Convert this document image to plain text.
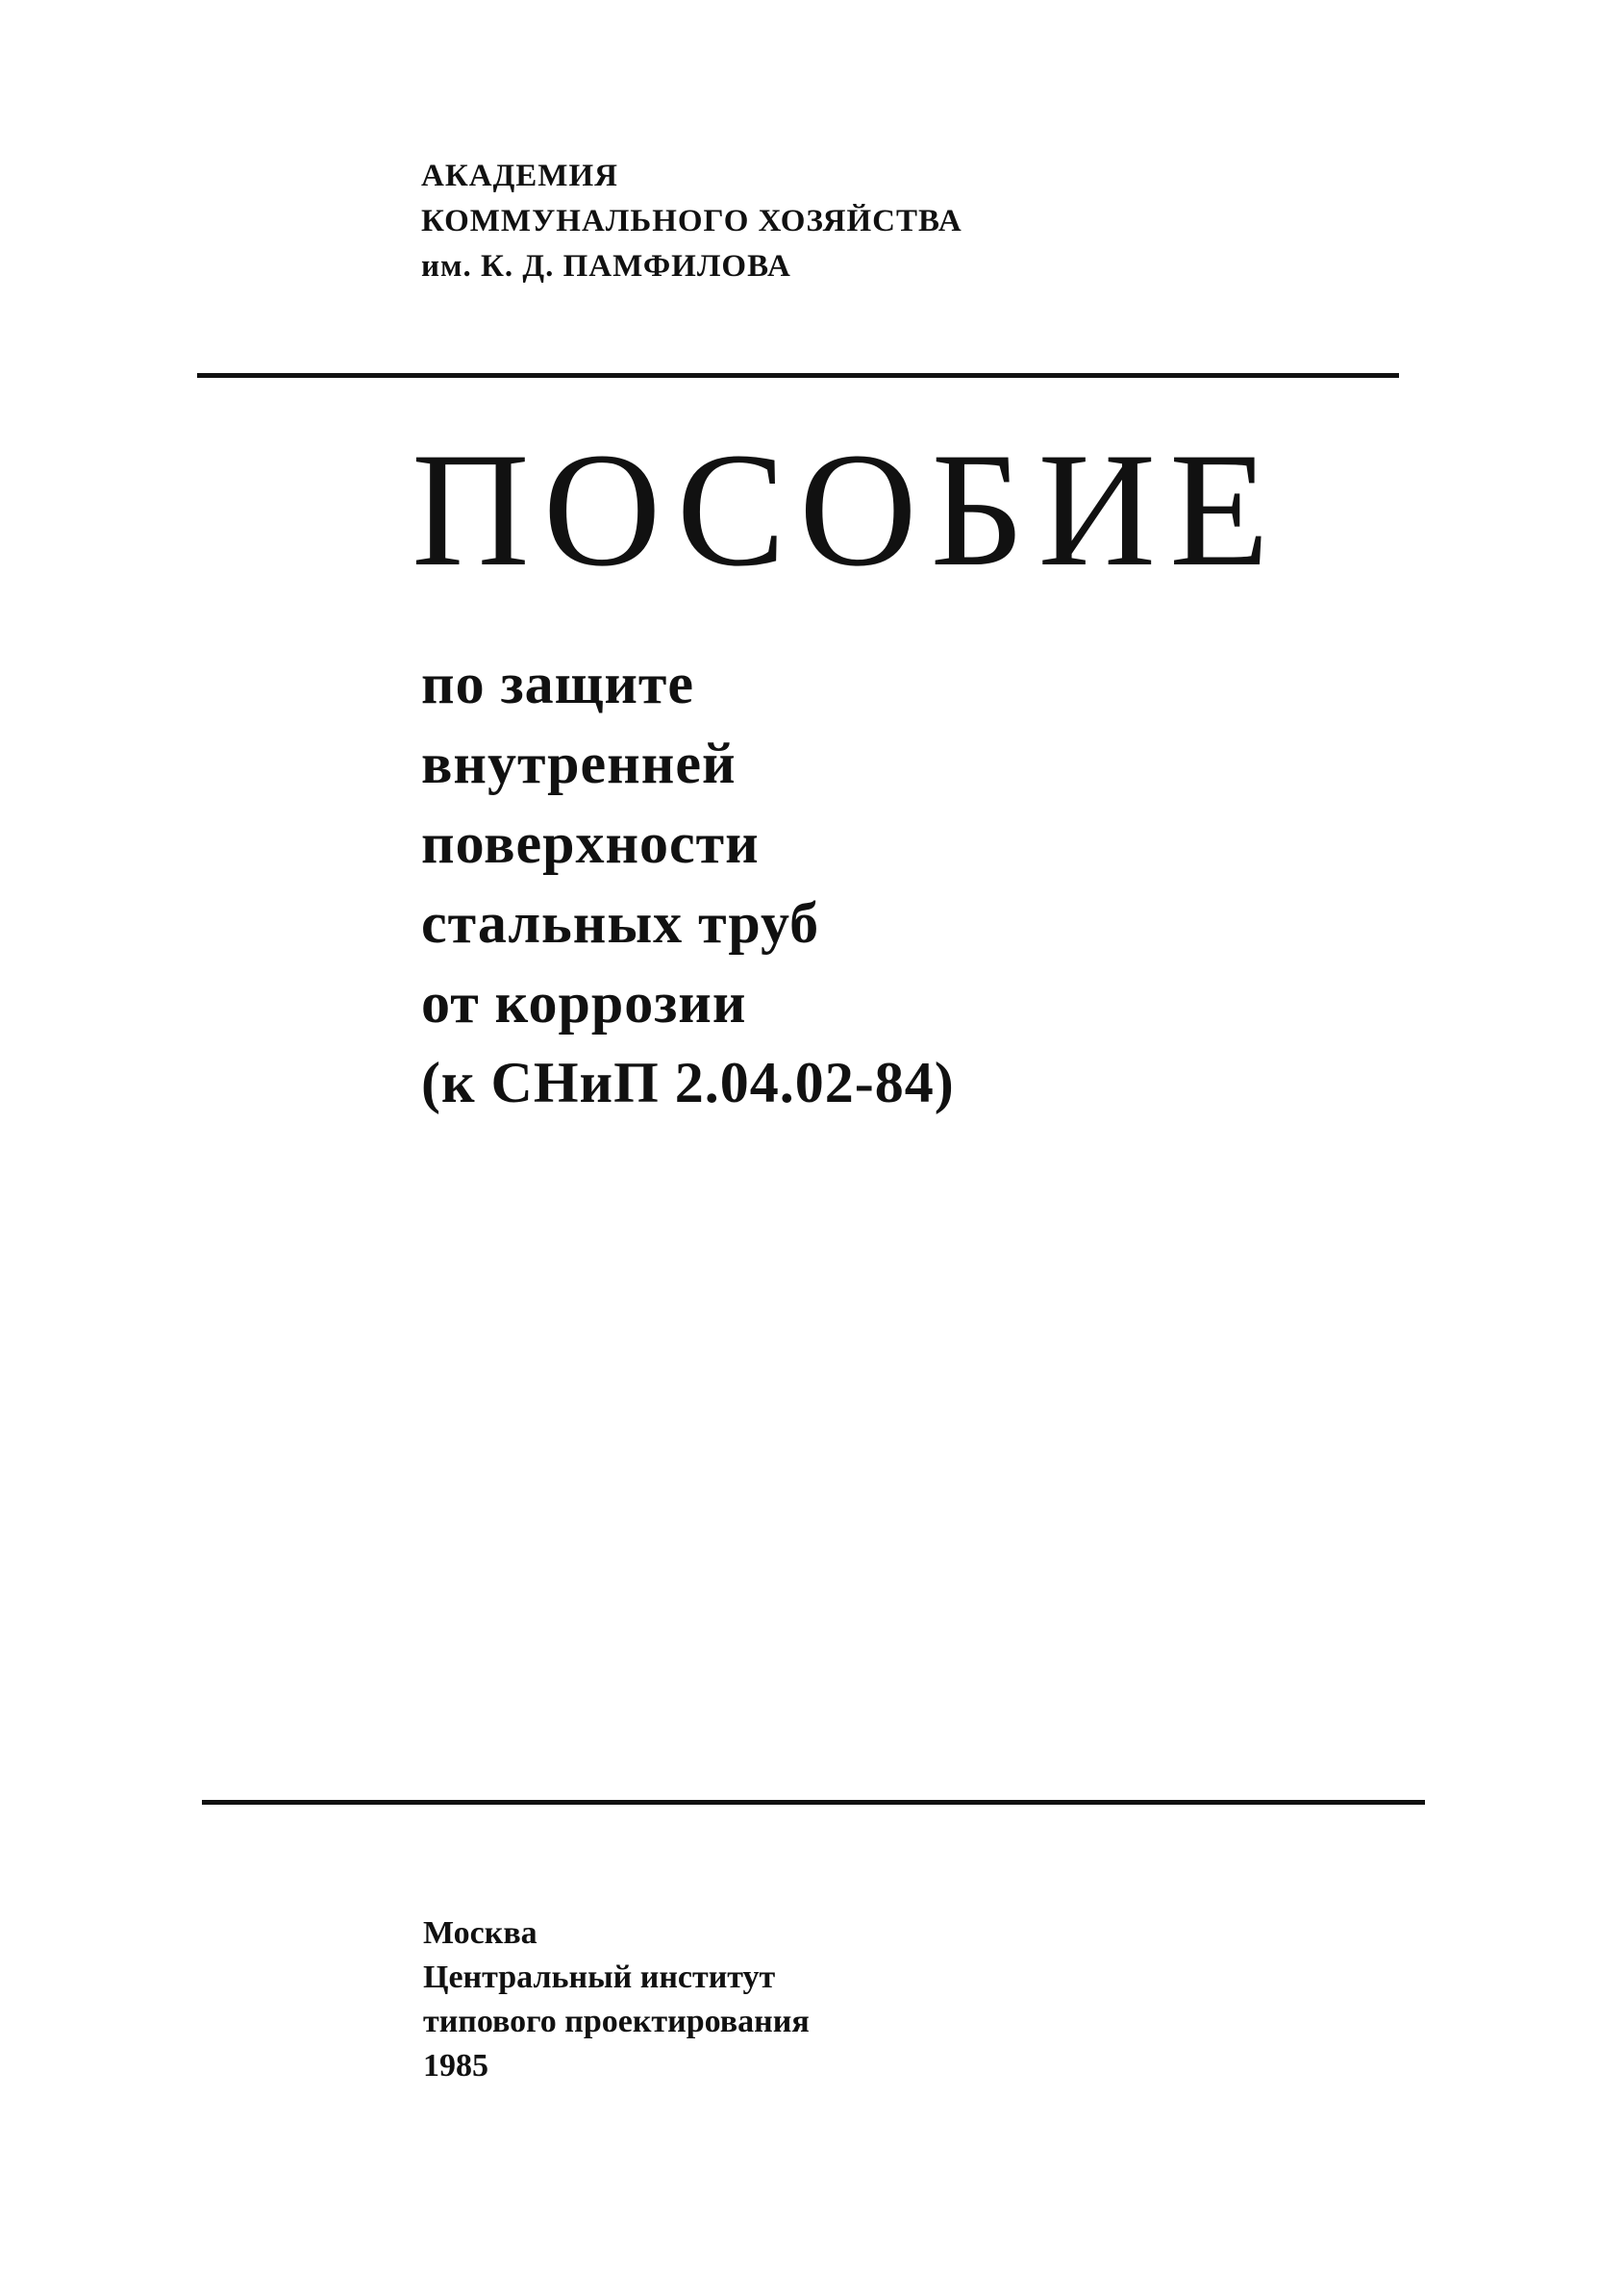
АКАДЕМИЯ
КОММУНАЛЬНОГО ХОЗЯЙСТВА
им. К. Д. ПАМФИЛОВА
ПОСОБИЕ
по защите
внутренней
поверхности
стальных труб
от коррозии
(к СНиП 2.04.02-84)
Москва
Центральный институт
типового проектирования
1985
